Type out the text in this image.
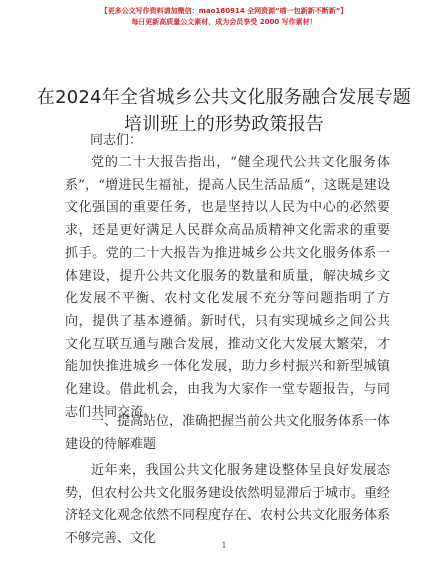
【更多公文写作资料请加微信：mao180914 全网资源“喵一包新新不断新”】
每日更新高质量公文素材，成为会员享受 2000 写作素材！
在2024年全省城乡公共文化服务融合发展专题培训班上的形势政策报告
同志们：
党的二十大报告指出，“健全现代公共文化服务体系”，“增进民生福祉，提高人民生活品质”，这既是建设文化强国的重要任务，也是坚持以人民为中心的必然要求，还是更好满足人民群众高品质精神文化需求的重要抓手。党的二十大报告为推进城乡公共文化服务体系一体建设，提升公共文化服务的数量和质量，解决城乡文化发展不平衡、农村文化发展不充分等问题指明了方向，提供了基本遵循。新时代，只有实现城乡之间公共文化互联互通与融合发展，推动文化大发展大繁荣，才能加快推进城乡一体化发展，助力乡村振兴和新型城镇化建设。借此机会，由我为大家作一堂专题报告，与同志们共同交流。
一、提高站位，准确把握当前公共文化服务体系一体建设的待解难题
近年来，我国公共文化服务建设整体呈良好发展态势，但农村公共文化服务建设依然明显滞后于城市。重经济轻文化观念依然不同程度存在、农村公共文化服务体系不够完善、文化	1
